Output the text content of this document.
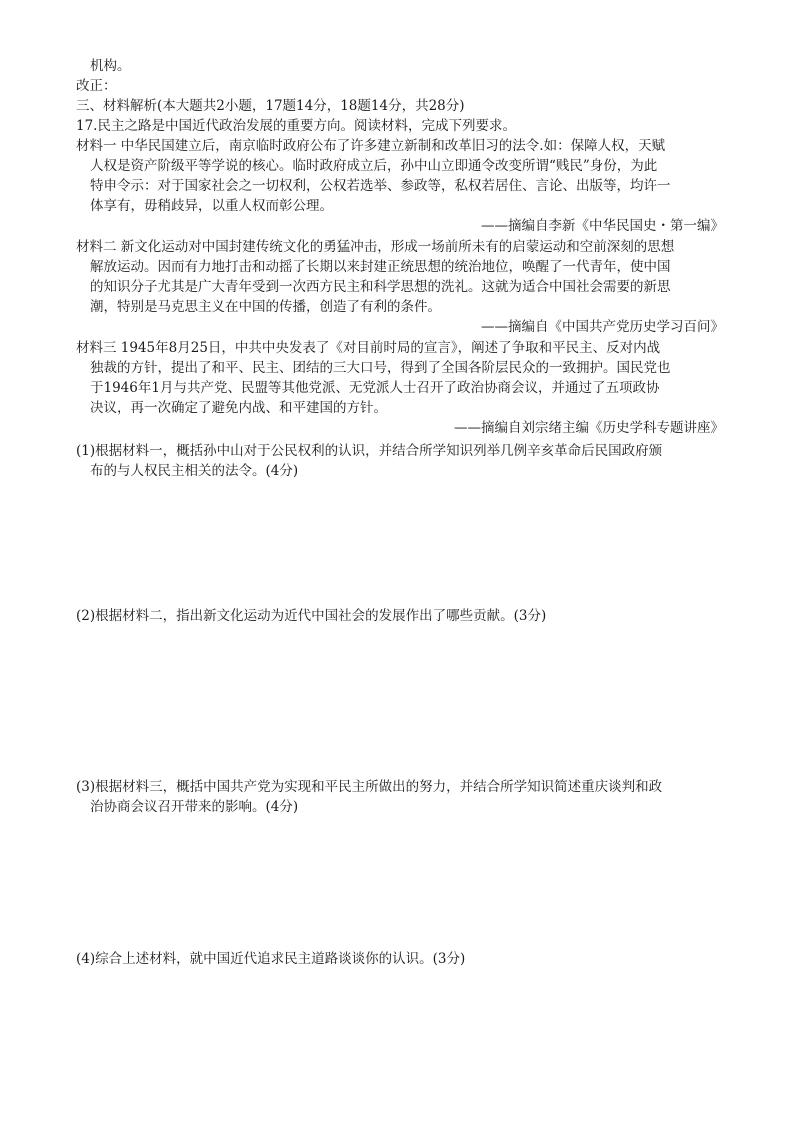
机构。
改正：
三、材料解析(本大题共2小题，17题14分，18题14分，共28分)
17.民主之路是中国近代政治发展的重要方向。阅读材料，完成下列要求。
材料一 中华民国建立后，南京临时政府公布了许多建立新制和改革旧习的法令.如：保障人权，天赋
人权是资产阶级平等学说的核心。临时政府成立后，孙中山立即通令改变所谓“贱民”身份，为此
特申令示：对于国家社会之一切权利，公权若选举、参政等，私权若居住、言论、出版等，均许一
体享有，毋稍歧异，以重人权而彰公理。
——摘编自李新《中华民国史・第一编》
材料二 新文化运动对中国封建传统文化的勇猛冲击，形成一场前所未有的启蒙运动和空前深刻的思想
解放运动。因而有力地打击和动摇了长期以来封建正统思想的统治地位，唤醒了一代青年，使中国
的知识分子尤其是广大青年受到一次西方民主和科学思想的洗礼。这就为适合中国社会需要的新思
潮，特别是马克思主义在中国的传播，创造了有利的条件。
——摘编自《中国共产党历史学习百问》
材料三 1945年8月25日，中共中央发表了《对目前时局的宣言》，阐述了争取和平民主、反对内战
独裁的方针，提出了和平、民主、团结的三大口号，得到了全国各阶层民众的一致拥护。国民党也
于1946年1月与共产党、民盟等其他党派、无党派人士召开了政治协商会议，并通过了五项政协
决议，再一次确定了避免内战、和平建国的方针。
——摘编自刘宗绪主编《历史学科专题讲座》
(1)根据材料一，概括孙中山对于公民权利的认识，并结合所学知识列举几例辛亥革命后民国政府颁
布的与人权民主相关的法令。(4分)
(2)根据材料二，指出新文化运动为近代中国社会的发展作出了哪些贡献。(3分)
(3)根据材料三，概括中国共产党为实现和平民主所做出的努力，并结合所学知识简述重庆谈判和政
治协商会议召开带来的影响。(4分)
(4)综合上述材料，就中国近代追求民主道路谈谈你的认识。(3分)
